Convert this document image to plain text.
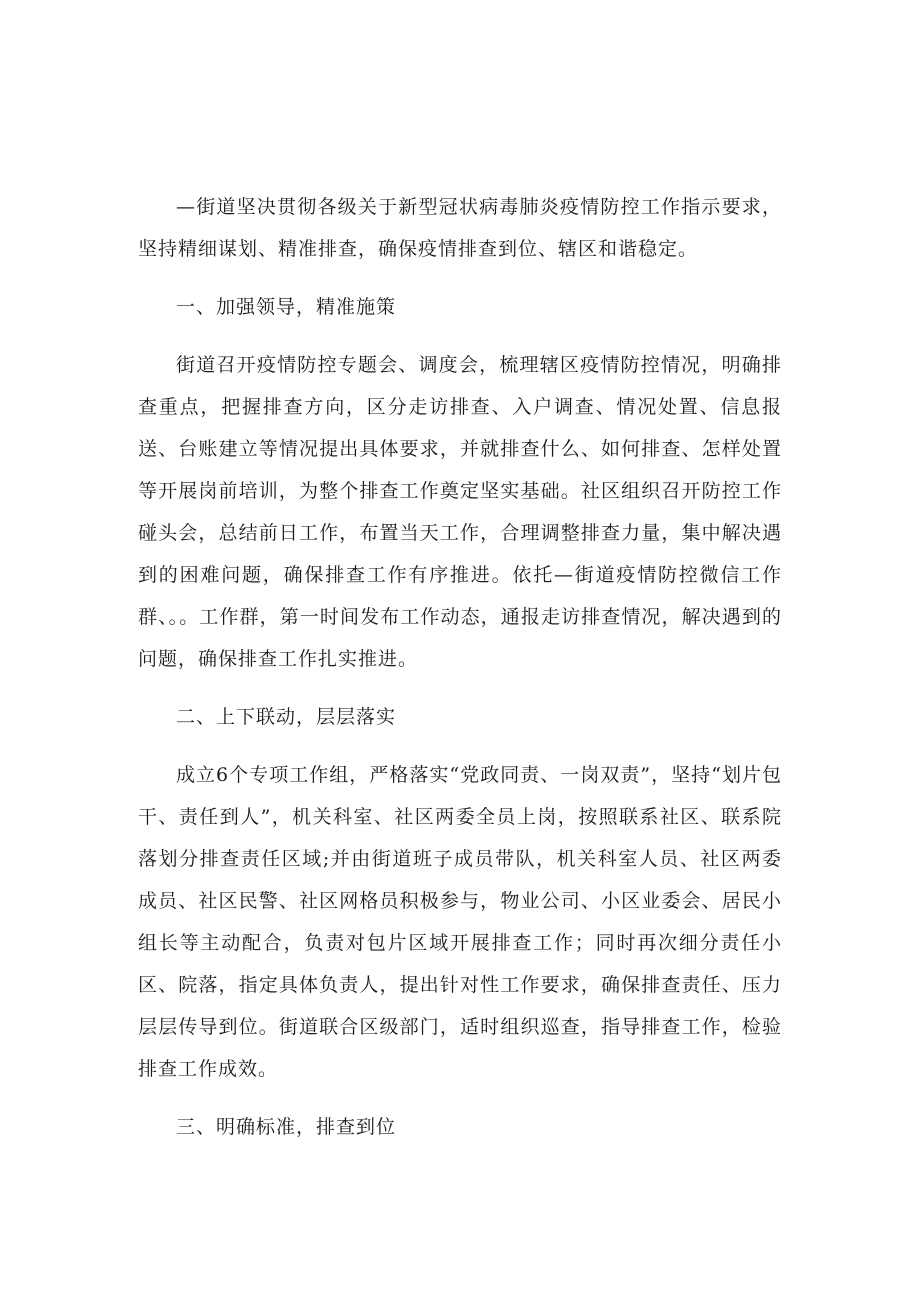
—街道坚决贯彻各级关于新型冠状病毒肺炎疫情防控工作指示要求，坚持精细谋划、精准排查，确保疫情排查到位、辖区和谐稳定。

一、加强领导，精准施策

街道召开疫情防控专题会、调度会，梳理辖区疫情防控情况，明确排查重点，把握排查方向，区分走访排查、入户调查、情况处置、信息报送、台账建立等情况提出具体要求，并就排查什么、如何排查、怎样处置等开展岗前培训，为整个排查工作奠定坚实基础。社区组织召开防控工作碰头会，总结前日工作，布置当天工作，合理调整排查力量，集中解决遇到的困难问题，确保排查工作有序推进。依托—街道疫情防控微信工作群、。。工作群，第一时间发布工作动态，通报走访排查情况，解决遇到的问题，确保排查工作扎实推进。

二、上下联动，层层落实

成立6个专项工作组，严格落实“党政同责、一岗双责”，坚持“划片包干、责任到人”，机关科室、社区两委全员上岗，按照联系社区、联系院落划分排查责任区域;并由街道班子成员带队，机关科室人员、社区两委成员、社区民警、社区网格员积极参与，物业公司、小区业委会、居民小组长等主动配合，负责对包片区域开展排查工作；同时再次细分责任小区、院落，指定具体负责人，提出针对性工作要求，确保排查责任、压力层层传导到位。街道联合区级部门，适时组织巡查，指导排查工作，检验排查工作成效。

三、明确标准，排查到位
